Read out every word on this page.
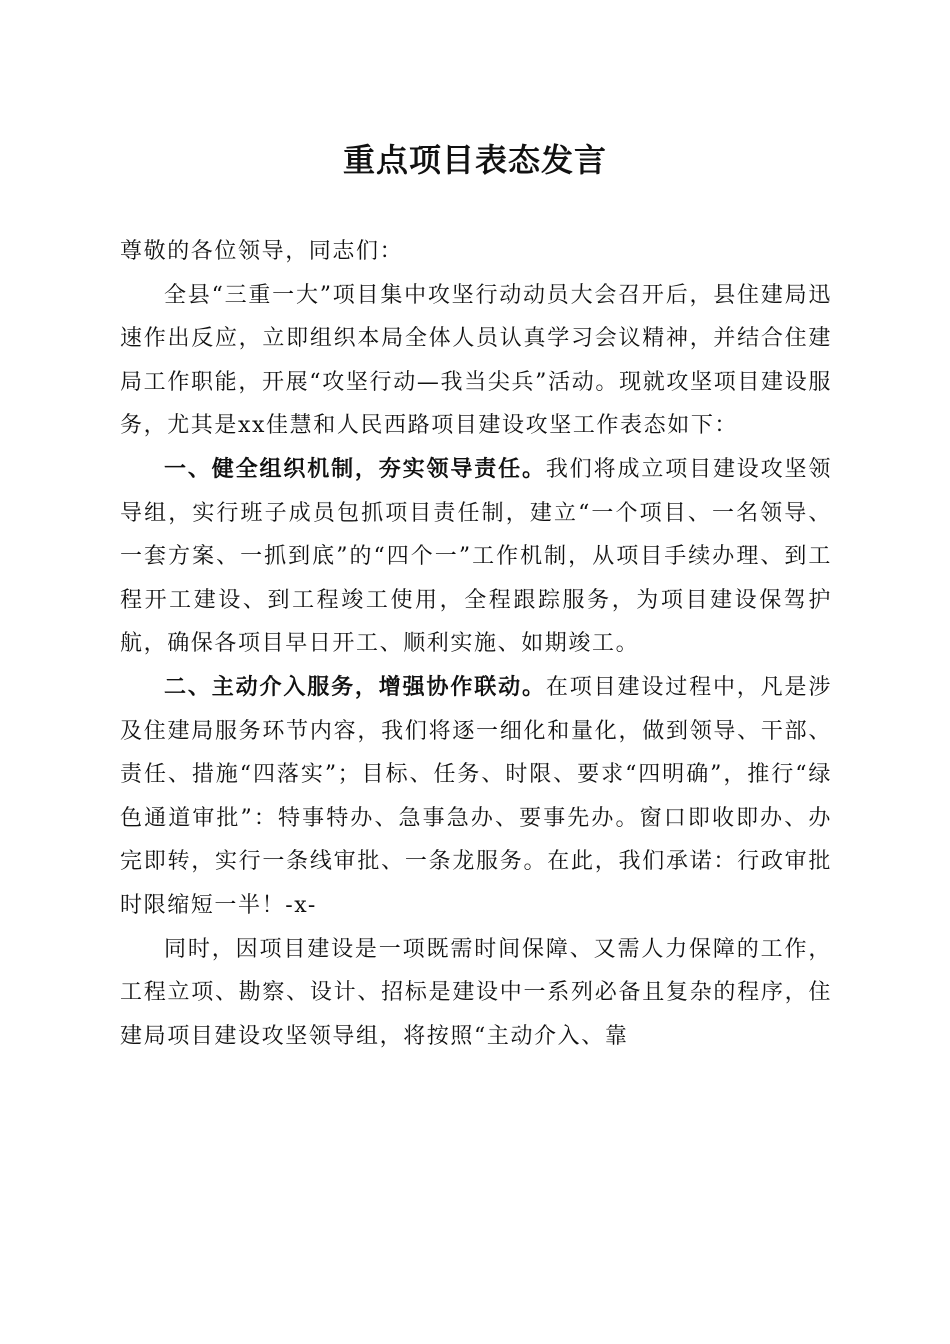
重点项目表态发言

尊敬的各位领导，同志们：

全县“三重一大”项目集中攻坚行动动员大会召开后，县住建局迅速作出反应，立即组织本局全体人员认真学习会议精神，并结合住建局工作职能，开展“攻坚行动—我当尖兵”活动。现就攻坚项目建设服务，尤其是xx佳慧和人民西路项目建设攻坚工作表态如下：

一、健全组织机制，夯实领导责任。我们将成立项目建设攻坚领导组，实行班子成员包抓项目责任制，建立“一个项目、一名领导、一套方案、一抓到底”的“四个一”工作机制，从项目手续办理、到工程开工建设、到工程竣工使用，全程跟踪服务，为项目建设保驾护航，确保各项目早日开工、顺利实施、如期竣工。

二、主动介入服务，增强协作联动。在项目建设过程中，凡是涉及住建局服务环节内容，我们将逐一细化和量化，做到领导、干部、责任、措施“四落实”；目标、任务、时限、要求“四明确”，推行“绿色通道审批”：特事特办、急事急办、要事先办。窗口即收即办、办完即转，实行一条线审批、一条龙服务。在此，我们承诺：行政审批时限缩短一半！-x-

同时，因项目建设是一项既需时间保障、又需人力保障的工作，工程立项、勘察、设计、招标是建设中一系列必备且复杂的程序，住建局项目建设攻坚领导组，将按照“主动介入、靠
